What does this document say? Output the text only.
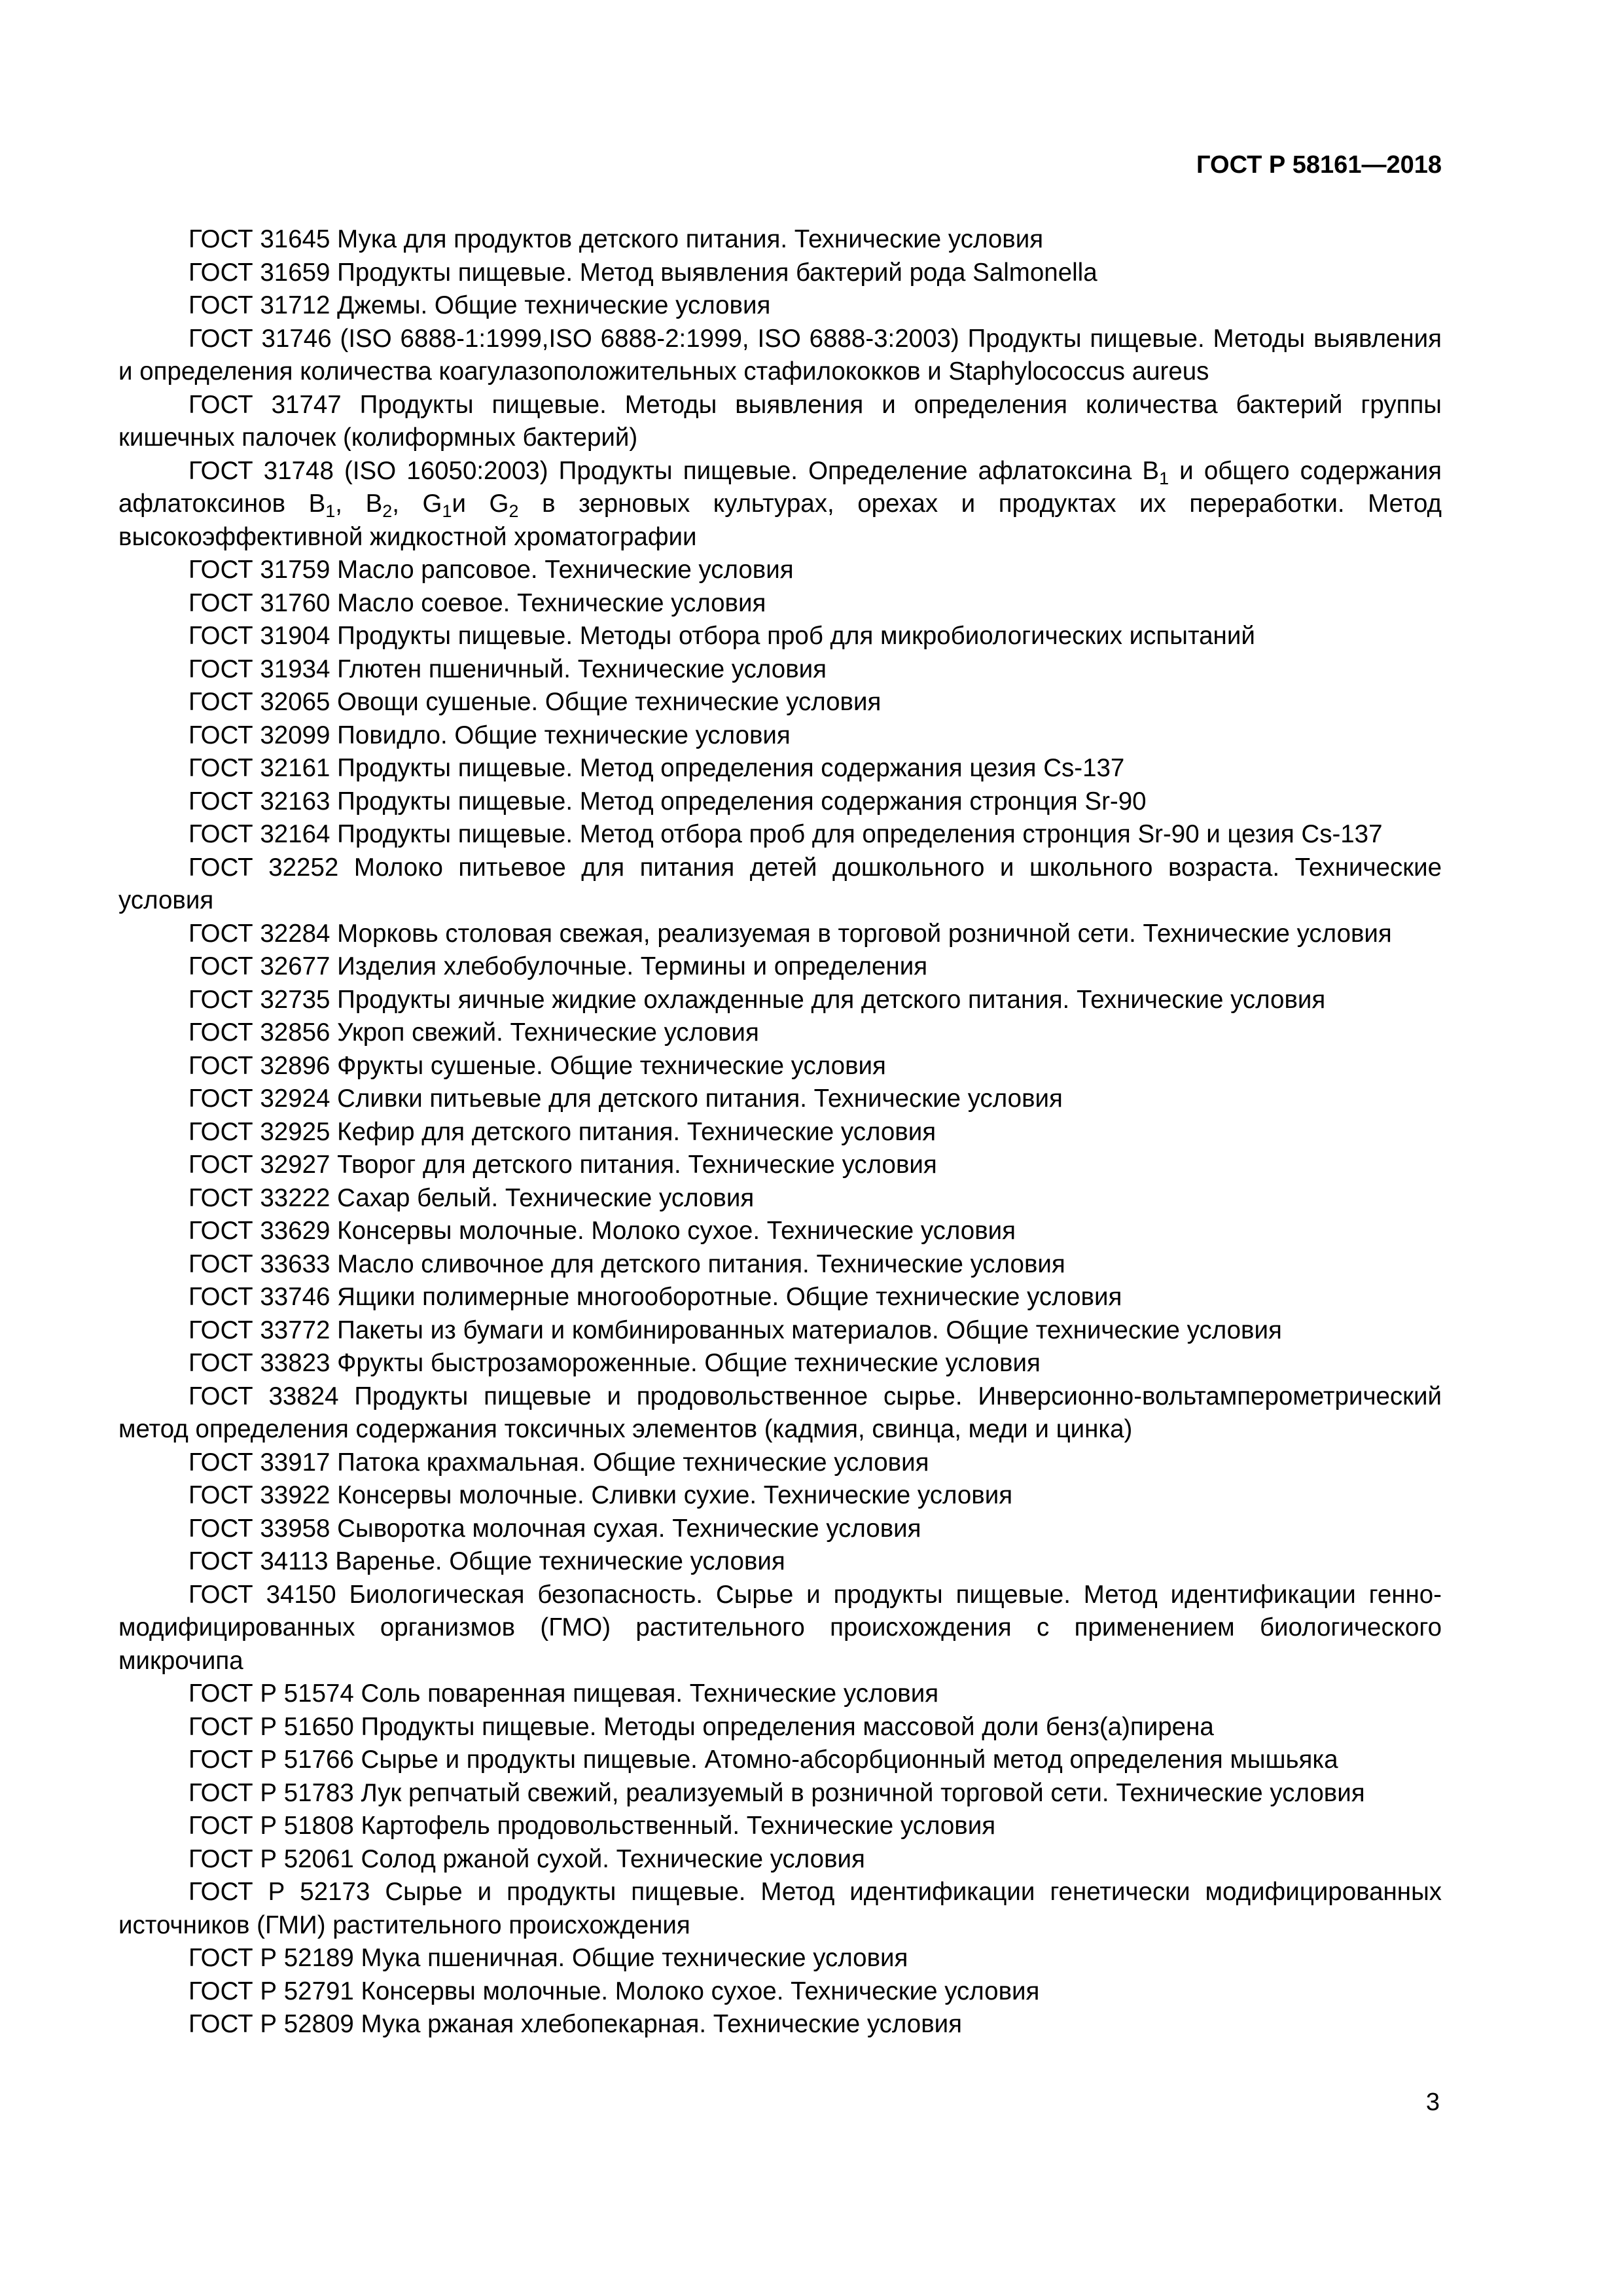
ГОСТ Р 58161—2018

ГОСТ 31645 Мука для продуктов детского питания. Технические условия

ГОСТ 31659 Продукты пищевые. Метод выявления бактерий рода Salmonella

ГОСТ 31712 Джемы. Общие технические условия

ГОСТ 31746 (ISO 6888-1:1999,ISO 6888-2:1999, ISO 6888-3:2003) Продукты пищевые. Методы выявления и определения количества коагулазоположительных стафилококков и Staphylococcus aureus

ГОСТ 31747 Продукты пищевые. Методы выявления и определения количества бактерий группы кишечных палочек (колиформных бактерий)

ГОСТ 31748 (ISO 16050:2003) Продукты пищевые. Определение афлатоксина $B_1$ и общего содержания афлатоксинов $B_1$, $B_2$, $G_1и$ $G_2$ в зерновых культурах, орехах и продуктах их переработки. Метод высокоэффективной жидкостной хроматографии

ГОСТ 31759 Масло рапсовое. Технические условия

ГОСТ 31760 Масло соевое. Технические условия

ГОСТ 31904 Продукты пищевые. Методы отбора проб для микробиологических испытаний

ГОСТ 31934 Глютен пшеничный. Технические условия

ГОСТ 32065 Овощи сушеные. Общие технические условия

ГОСТ 32099 Повидло. Общие технические условия

ГОСТ 32161 Продукты пищевые. Метод определения содержания цезия Cs-137

ГОСТ 32163 Продукты пищевые. Метод определения содержания стронция Sr-90

ГОСТ 32164 Продукты пищевые. Метод отбора проб для определения стронция Sr-90 и цезия Cs-137

ГОСТ 32252 Молоко питьевое для питания детей дошкольного и школьного возраста. Технические условия

ГОСТ 32284 Морковь столовая свежая, реализуемая в торговой розничной сети. Технические условия

ГОСТ 32677 Изделия хлебобулочные. Термины и определения

ГОСТ 32735 Продукты яичные жидкие охлажденные для детского питания. Технические условия

ГОСТ 32856 Укроп свежий. Технические условия

ГОСТ 32896 Фрукты сушеные. Общие технические условия

ГОСТ 32924 Сливки питьевые для детского питания. Технические условия

ГОСТ 32925 Кефир для детского питания. Технические условия

ГОСТ 32927 Творог для детского питания. Технические условия

ГОСТ 33222 Сахар белый. Технические условия

ГОСТ 33629 Консервы молочные. Молоко сухое. Технические условия

ГОСТ 33633 Масло сливочное для детского питания. Технические условия

ГОСТ 33746 Ящики полимерные многооборотные. Общие технические условия

ГОСТ 33772 Пакеты из бумаги и комбинированных материалов. Общие технические условия

ГОСТ 33823 Фрукты быстрозамороженные. Общие технические условия

ГОСТ 33824 Продукты пищевые и продовольственное сырье. Инверсионно-вольтамперометрический метод определения содержания токсичных элементов (кадмия, свинца, меди и цинка)

ГОСТ 33917 Патока крахмальная. Общие технические условия

ГОСТ 33922 Консервы молочные. Сливки сухие. Технические условия

ГОСТ 33958 Сыворотка молочная сухая. Технические условия

ГОСТ 34113 Варенье. Общие технические условия

ГОСТ 34150 Биологическая безопасность. Сырье и продукты пищевые. Метод идентификации генно-модифицированных организмов (ГМО) растительного происхождения с применением биологического микрочипа

ГОСТ Р 51574 Соль поваренная пищевая. Технические условия

ГОСТ Р 51650 Продукты пищевые. Методы определения массовой доли бенз(а)пирена

ГОСТ Р 51766 Сырье и продукты пищевые. Атомно-абсорбционный метод определения мышьяка

ГОСТ Р 51783 Лук репчатый свежий, реализуемый в розничной торговой сети. Технические условия

ГОСТ Р 51808 Картофель продовольственный. Технические условия

ГОСТ Р 52061 Солод ржаной сухой. Технические условия

ГОСТ Р 52173 Сырье и продукты пищевые. Метод идентификации генетически модифицированных источников (ГМИ) растительного происхождения

ГОСТ Р 52189 Мука пшеничная. Общие технические условия

ГОСТ Р 52791 Консервы молочные. Молоко сухое. Технические условия

ГОСТ Р 52809 Мука ржаная хлебопекарная. Технические условия

3
